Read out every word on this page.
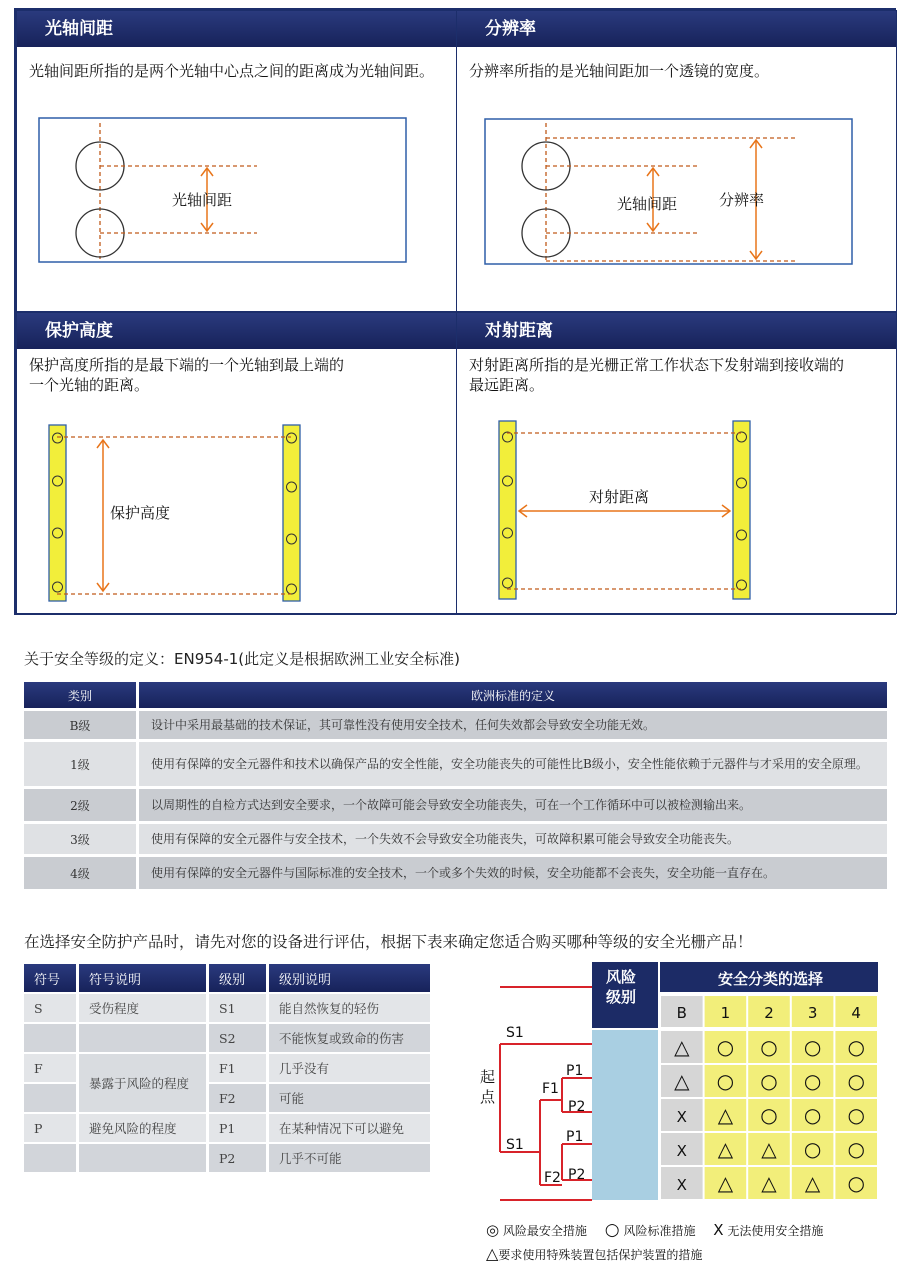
光轴间距
光轴间距所指的是两个光轴中心点之间的距离成为光轴间距。
光轴间距
分辨率
分辨率所指的是光轴间距加一个透镜的宽度。
光轴间距	分辨率
保护高度
保护高度所指的是最下端的一个光轴到最上端的
一个光轴的距离。
保护高度
对射距离
对射距离所指的是光栅正常工作状态下发射端到接收端的
最远距离。
对射距离
关于安全等级的定义：EN954-1(此定义是根据欧洲工业安全标准)
类别	欧洲标准的定义
B级	设计中采用最基础的技术保证，其可靠性没有使用安全技术，任何失效都会导致安全功能无效。
1级	使用有保障的安全元器件和技术以确保产品的安全性能，安全功能丧失的可能性比B级小，安全性能依赖于元器件与才采用的安全原理。
2级	以周期性的自检方式达到安全要求，一个故障可能会导致安全功能丧失，可在一个工作循环中可以被检测输出来。
3级	使用有保障的安全元器件与安全技术，一个失效不会导致安全功能丧失，可故障积累可能会导致安全功能丧失。
4级	使用有保障的安全元器件与国际标准的安全技术，一个或多个失效的时候，安全功能都不会丧失，安全功能一直存在。
在选择安全防护产品时，请先对您的设备进行评估，根据下表来确定您适合购买哪种等级的安全光栅产品！
符号	符号说明	级别	级别说明
S	受伤程度	S1	能自然恢复的轻伤
		S2	不能恢复或致命的伤害
F	暴露于风险的程度	F1	几乎没有
		F2	可能
P	避免风险的程度	P1	在某种情况下可以避免
		P2	几乎不可能
风险
级别
安全分类的选择
S1
S1
F1
F2
P1
P2
P1
P2
起
点
B 1 2 3 4
△ ○ ○ ○ ○
△ ○ ○ ○ ○
X △ ○ ○ ○
X △ △ ○ ○
X △ △ △ ○
◎ 风险最安全措施 ○ 风险标准措施 X 无法使用安全措施
△要求使用特殊装置包括保护装置的措施
